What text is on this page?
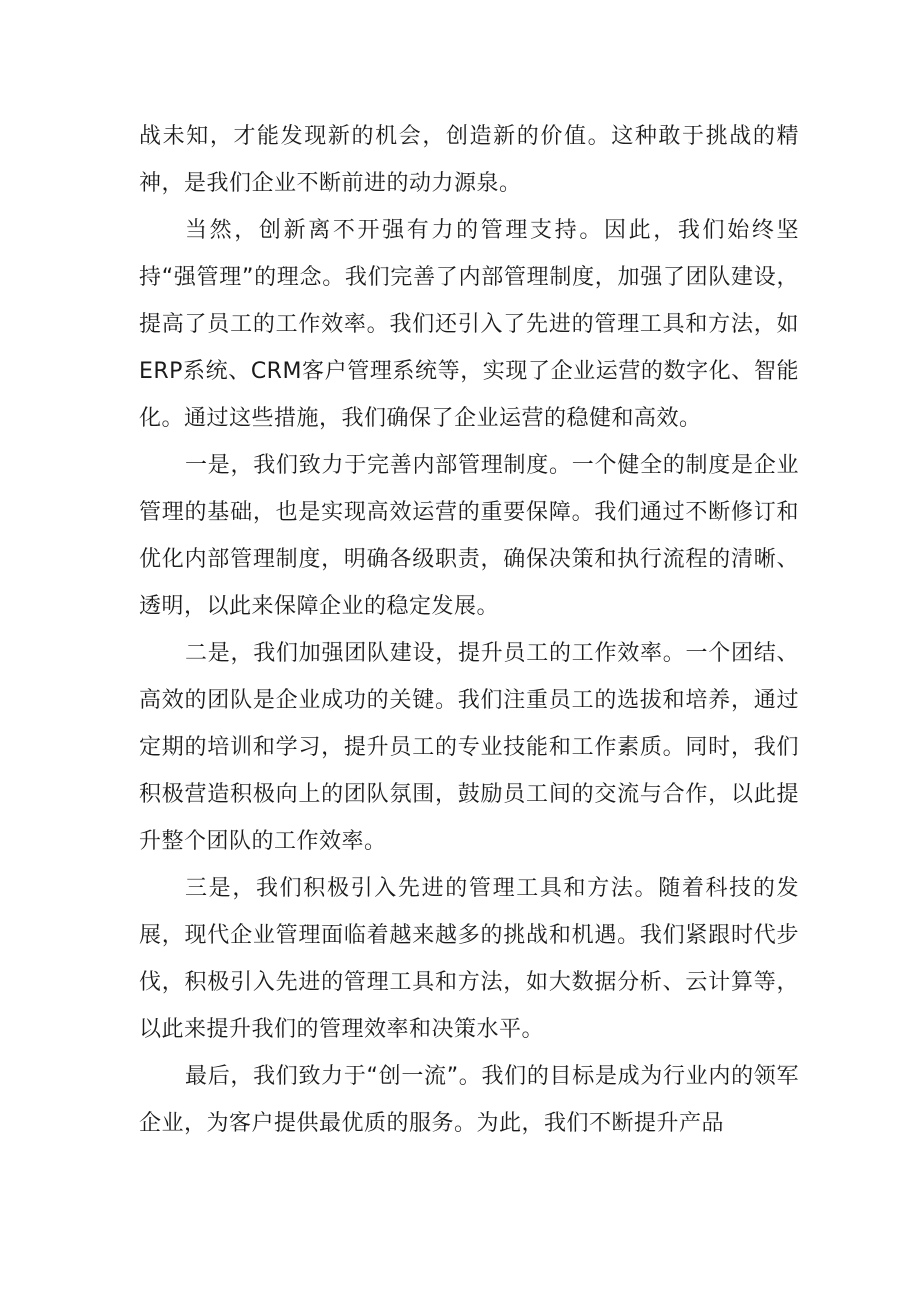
战未知，才能发现新的机会，创造新的价值。这种敢于挑战的精神，是我们企业不断前进的动力源泉。

当然，创新离不开强有力的管理支持。因此，我们始终坚持“强管理”的理念。我们完善了内部管理制度，加强了团队建设，提高了员工的工作效率。我们还引入了先进的管理工具和方法，如ERP系统、CRM客户管理系统等，实现了企业运营的数字化、智能化。通过这些措施，我们确保了企业运营的稳健和高效。

一是，我们致力于完善内部管理制度。一个健全的制度是企业管理的基础，也是实现高效运营的重要保障。我们通过不断修订和优化内部管理制度，明确各级职责，确保决策和执行流程的清晰、透明，以此来保障企业的稳定发展。

二是，我们加强团队建设，提升员工的工作效率。一个团结、高效的团队是企业成功的关键。我们注重员工的选拔和培养，通过定期的培训和学习，提升员工的专业技能和工作素质。同时，我们积极营造积极向上的团队氛围，鼓励员工间的交流与合作，以此提升整个团队的工作效率。

三是，我们积极引入先进的管理工具和方法。随着科技的发展，现代企业管理面临着越来越多的挑战和机遇。我们紧跟时代步伐，积极引入先进的管理工具和方法，如大数据分析、云计算等，以此来提升我们的管理效率和决策水平。

最后，我们致力于“创一流”。我们的目标是成为行业内的领军企业，为客户提供最优质的服务。为此，我们不断提升产品
